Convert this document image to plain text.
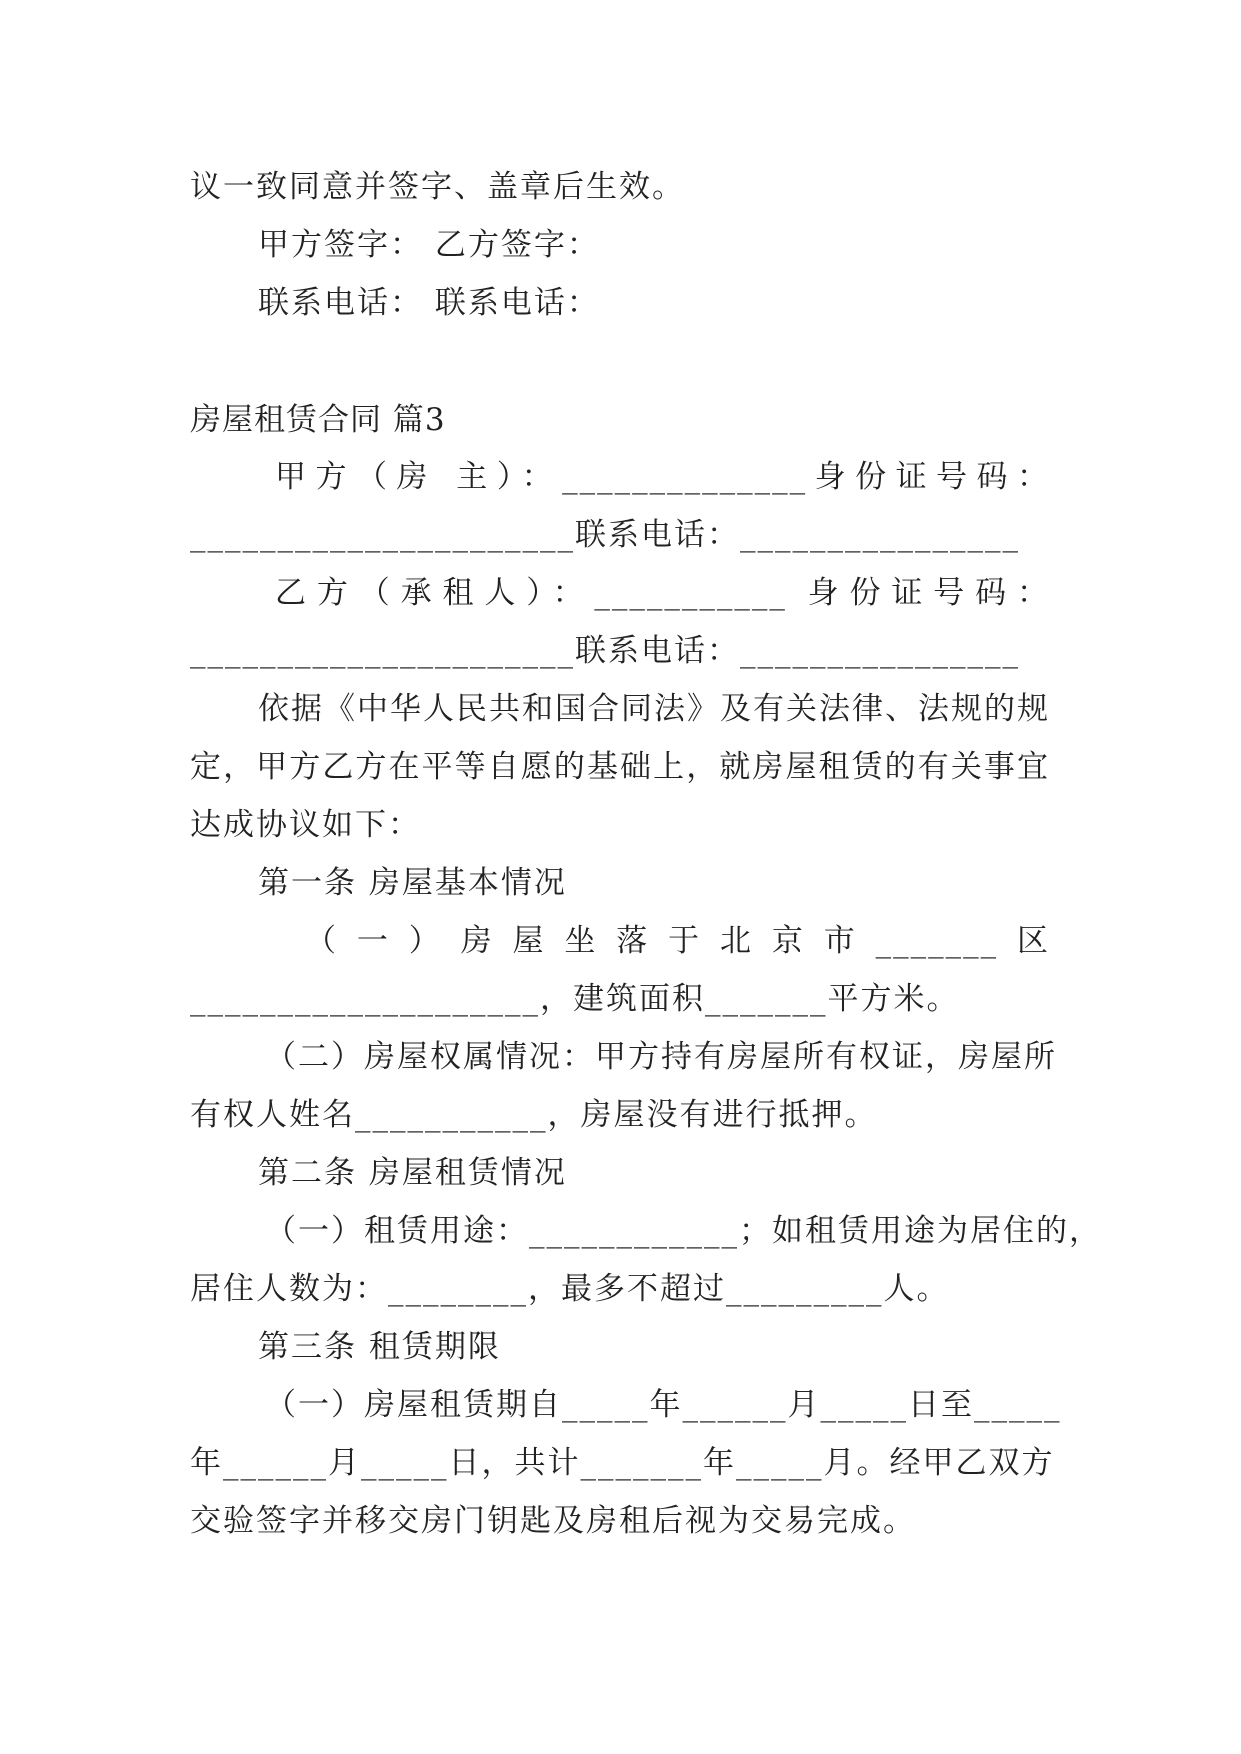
议一致同意并签字、盖章后生效。
甲方签字： 乙方签字：
联系电话： 联系电话：
房屋租赁合同 篇3
甲方（房 主）：______________身份证号码：
______________________联系电话：________________
乙方（承租人）：___________ 身份证号码：
______________________联系电话：________________
依据《中华人民共和国合同法》及有关法律、法规的规
定，甲方乙方在平等自愿的基础上，就房屋租赁的有关事宜
达成协议如下：
第一条 房屋基本情况
（一）房屋坐落于北京市_______区
____________________，建筑面积_______平方米。
（二）房屋权属情况：甲方持有房屋所有权证，房屋所
有权人姓名___________，房屋没有进行抵押。
第二条 房屋租赁情况
（一）租赁用途：____________；如租赁用途为居住的，
居住人数为：________，最多不超过_________人。
第三条 租赁期限
（一）房屋租赁期自_____年______月_____日至_____
年______月_____日，共计_______年_____月。经甲乙双方
交验签字并移交房门钥匙及房租后视为交易完成。
